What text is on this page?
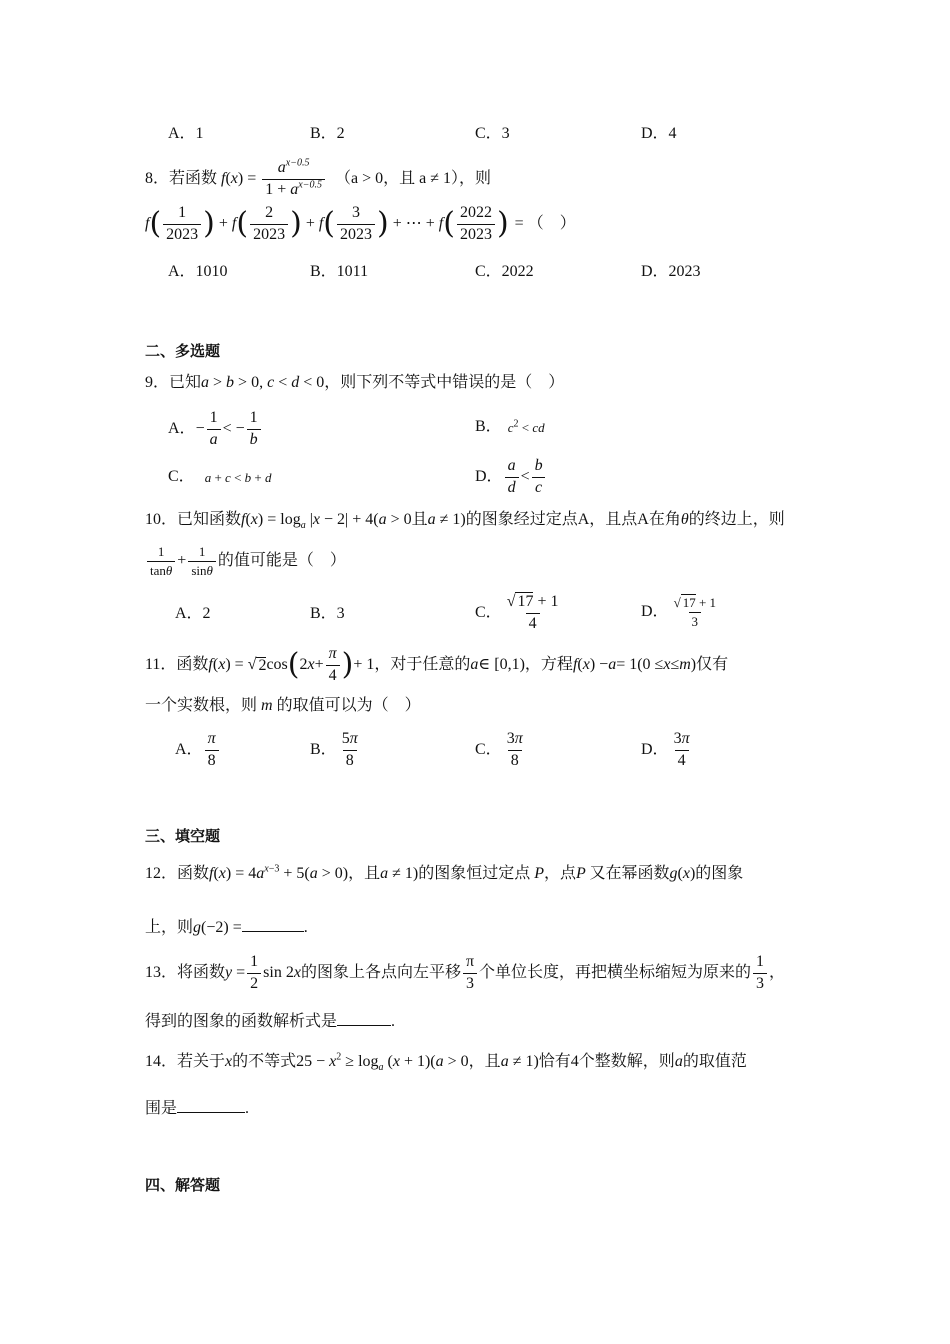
A．1	B．2	C．3	D．4
8．若函数 $f(x) = \frac{a^{x-0.5}}{1 + a^{x-0.5}} (a > 0$，且 a ≠ 1），则
f ( $\frac{1}{2023}$ ) + f ( $\frac{2}{2023}$ ) + f ( $\frac{3}{2023}$ ) + ⋯ + f ( $\frac{2022}{2023}$ ) = （　）
A．1010	B．1011	C．2022	D．2023
二、多选题
9．已知a > b > 0, c < d < 0，则下列不等式中错误的是（　）
A． − $\frac{1}{a}$ < − $\frac{1}{b}$	B． $c^2$ < cd
C． a + c < b + d	D． $\frac{a}{d} < \frac{b}{c}$
10．已知函数$f(x) = \log_a |x - 2| + 4(a > 0$且a ≠ 1)的图象经过定点A，且点A在角θ的终边上，则
$\frac{1}{\tan\theta} + \frac{1}{\sin\theta}$ 的值可能是（　）
A．2	B．3	C． $\frac{√ 17 + 1}{4}$	D． $\frac{√ 17 + 1}{3}$
11．函数 f ( x ) = √ 2 cos ( 2 $x + \frac{\pi}{4}$ ) + 1 ，对于任意的 a ∈ [0,1) ，方程 f ( x ) − a = 1(0 ≤ x ≤ m ) 仅有
一个实数根，则 m 的取值可以为（　）
A． $\frac{\pi}{8}$	B． $\frac{5\pi}{8}$	C． $\frac{3\pi}{8}$	D． $\frac{3\pi}{4}$
三、填空题
12．函数$f(x) = 4a^{x-3} + 5(a > 0)$，且a ≠ 1)的图象恒过定点 P，点P 又在幂函数g(x)的图象
上，则g(−2) =	.
13．将函数 $y = \frac{1}{2}$ sin 2 x 的图象上各点向左平移 $\frac{\pi}{3}$ 个单位长度，再把横坐标缩短为原来的 $\frac{1}{3}$ ，
得到的图象的函数解析式是	.
14．若关于x的不等式$25 - x^2 \ge \log_a (x + 1)(a > 0$，且a ≠ 1)恰有4个整数解，则a的取值范
围是	.
四、解答题
